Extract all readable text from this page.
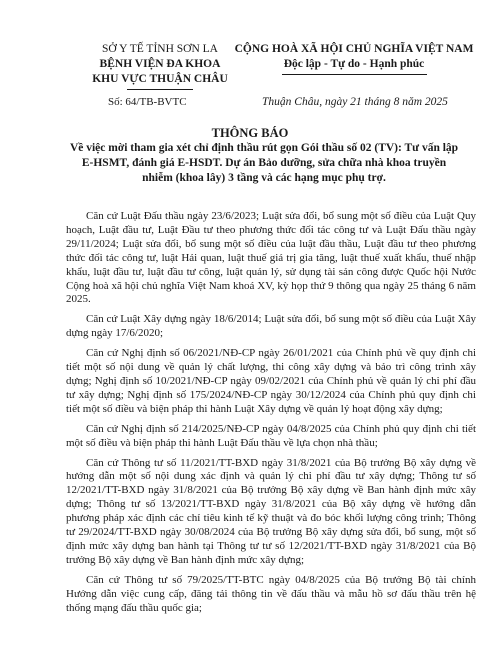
SỞ Y TẾ TỈNH SƠN LA
BỆNH VIỆN ĐA KHOA
KHU VỰC THUẬN CHÂU
CỘNG HOÀ XÃ HỘI CHỦ NGHĨA VIỆT NAM
Độc lập - Tự do - Hạnh phúc
Số: 64/TB-BVTC	Thuận Châu, ngày 21 tháng 8 năm 2025
THÔNG BÁO
Về việc mời tham gia xét chỉ định thầu rút gọn Gói thầu số 02 (TV): Tư vấn lập E-HSMT, đánh giá E-HSDT. Dự án Bảo dưỡng, sửa chữa nhà khoa truyền nhiễm (khoa lây) 3 tầng và các hạng mục phụ trợ.

Căn cứ Luật Đấu thầu ngày 23/6/2023; Luật sửa đổi, bổ sung một số điều của Luật Quy hoạch, Luật đầu tư, Luật Đầu tư theo phương thức đối tác công tư và Luật Đấu thầu ngày 29/11/2024; Luật sửa đổi, bổ sung một số điều của luật đầu thầu, Luật đầu tư theo phương thức đối tác công tư, luật Hải quan, luật thuế giá trị gia tăng, luật thuế xuất khẩu, thuế nhập khẩu, luật đầu tư, luật đầu tư công, luật quản lý, sử dụng tài sản công được Quốc hội Nước Cộng hoà xã hội chủ nghĩa Việt Nam khoá XV, kỳ họp thứ 9 thông qua ngày 25 tháng 6 năm 2025.

Căn cứ Luật Xây dựng ngày 18/6/2014; Luật sửa đổi, bổ sung một số điều của Luật Xây dựng ngày 17/6/2020;

Căn cứ Nghị định số 06/2021/NĐ-CP ngày 26/01/2021 của Chính phủ về quy định chi tiết một số nội dung về quản lý chất lượng, thi công xây dựng và bảo trì công trình xây dựng; Nghị định số 10/2021/NĐ-CP ngày 09/02/2021 của Chính phủ về quản lý chi phí đầu tư xây dựng; Nghị định số 175/2024/NĐ-CP ngày 30/12/2024 của Chính phủ quy định chi tiết một số điều và biện pháp thi hành Luật Xây dựng về quản lý hoạt động xây dựng;

Căn cứ Nghị định số 214/2025/NĐ-CP ngày 04/8/2025 của Chính phủ quy định chi tiết một số điều và biện pháp thi hành Luật Đấu thầu về lựa chọn nhà thầu;

Căn cứ Thông tư số 11/2021/TT-BXD ngày 31/8/2021 của Bộ trưởng Bộ xây dựng về hướng dẫn một số nội dung xác định và quản lý chi phí đầu tư xây dựng; Thông tư số 12/2021/TT-BXD ngày 31/8/2021 của Bộ trưởng Bộ xây dựng về Ban hành định mức xây dựng; Thông tư số 13/2021/TT-BXD ngày 31/8/2021 của Bộ xây dựng về hướng dẫn phương pháp xác định các chỉ tiêu kinh tế kỹ thuật và đo bóc khối lượng công trình; Thông tư 29/2024/TT-BXD ngày 30/08/2024 của Bộ trưởng Bộ xây dựng sửa đổi, bổ sung, một số định mức xây dựng ban hành tại Thông tư tư số 12/2021/TT-BXD ngày 31/8/2021 của Bộ trưởng Bộ xây dựng về Ban hành định mức xây dựng;

Căn cứ Thông tư số 79/2025/TT-BTC ngày 04/8/2025 của Bộ trưởng Bộ tài chính Hướng dẫn việc cung cấp, đăng tải thông tin về đấu thầu và mẫu hồ sơ đấu thầu trên hệ thống mạng đấu thầu quốc gia;
